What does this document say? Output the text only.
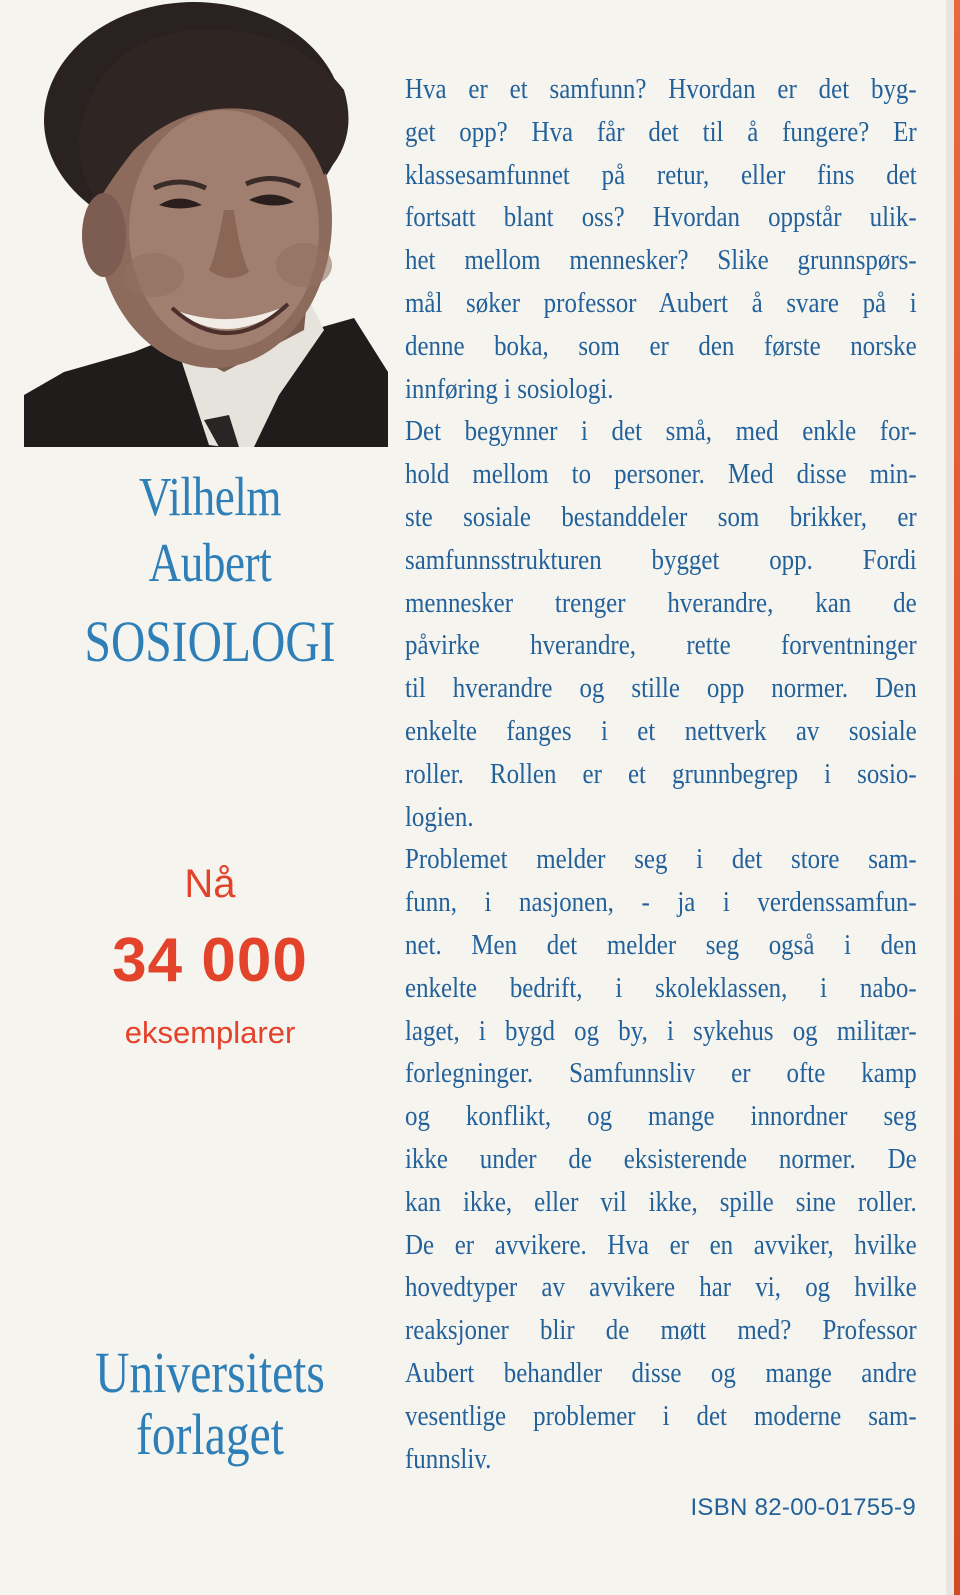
Vilhelm
Aubert
SOSIOLOGI
Nå
34 000
eksemplarer
Universitets
forlaget
Hva er et samfunn? Hvordan er det byg-
get opp? Hva får det til å fungere? Er
klassesamfunnet på retur, eller fins det
fortsatt blant oss? Hvordan oppstår ulik-
het mellom mennesker? Slike grunnspørs-
mål søker professor Aubert å svare på i
denne boka, som er den første norske
innføring i sosiologi.
Det begynner i det små, med enkle for-
hold mellom to personer. Med disse min-
ste sosiale bestanddeler som brikker, er
samfunnsstrukturen bygget opp. Fordi
mennesker trenger hverandre, kan de
påvirke hverandre, rette forventninger
til hverandre og stille opp normer. Den
enkelte fanges i et nettverk av sosiale
roller. Rollen er et grunnbegrep i sosio-
logien.
Problemet melder seg i det store sam-
funn, i nasjonen, - ja i verdenssamfun-
net. Men det melder seg også i den
enkelte bedrift, i skoleklassen, i nabo-
laget, i bygd og by, i sykehus og militær-
forlegninger. Samfunnsliv er ofte kamp
og konflikt, og mange innordner seg
ikke under de eksisterende normer. De
kan ikke, eller vil ikke, spille sine roller.
De er avvikere. Hva er en avviker, hvilke
hovedtyper av avvikere har vi, og hvilke
reaksjoner blir de møtt med? Professor
Aubert behandler disse og mange andre
vesentlige problemer i det moderne sam-
funnsliv.
ISBN 82-00-01755-9
